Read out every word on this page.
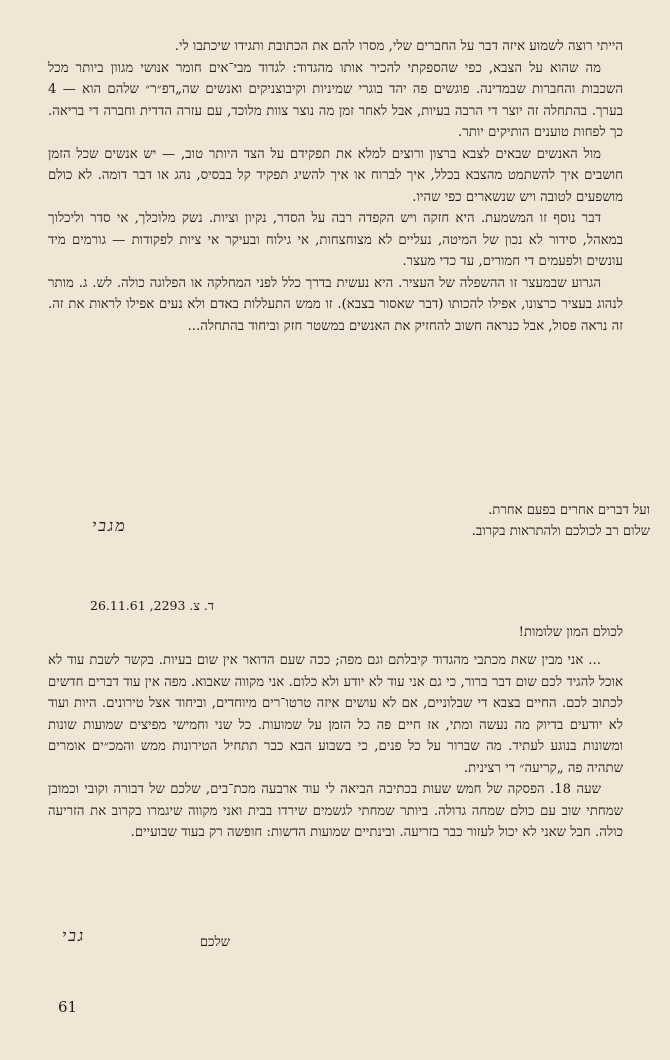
הייתי רוצה לשמוע איזה דבר על החברים שלי, מסרו להם את הכתובת ותגידו שיכתבו לי.

מה שהוא על הצבא, כפי שהספקתי להכיר אותו מהגדוד: לגדוד מבי־אים חומר אנושי מגוון ביותר מכל השכבות והחברות שבמדינה. פוגשים פה יהד בוגרי שמיניות וקיבוצניקים ואנשים שה„דפ״ר״ שלהם הוא — 4 בערך. בהתחלה זה יוצר די הרבה בעיות, אבל לאחר זמן מה נוצר צוות מלוכד, עם עזרה הדדית וחברה די בריאה. כך לפחות טוענים הותיקים יותר.

מול האנשים שבאים לצבא ברצון ורוצים למלא את תפקידם על הצד היותר טוב, — יש אנשים שכל הזמן חושבים איך להשתמט מהצבא בכלל, איך לברוח או איך להשיג תפקיד קל בבסיס, נהג או דבר דומה. לא כולם מושפעים לטובה ויש שנשארים כפי שהיו.

דבר נוסף זו המשמעת. היא חזקה ויש הקפדה רבה על הסדר, נקיון וציות. נשק מלוכלך, אי סדר וליכלוך במאהל, סידור לא נכון של המיטה, נעליים לא מצוחצחות, אי גילוח ובעיקר אי ציות לפקודות — גורמים מיד עונשים ולפעמים די חמורים, עד כדי מעצר.

הגרוע שבמעצר זו ההשפלה של העציר. היא נעשית בדרך כלל לפני המחלקה או הפלוגה כולה. לש. ג. מותר לנהוג בעציר כרצונו, אפילו להכותו (דבר שאסור בצבא). זו ממש התעללות באדם ולא נעים אפילו לראות את זה. זה נראה פסול, אבל כנראה חשוב להחזיק את האנשים במשטר חזק וביחוד בהתחלה...

ועל דברים אחרים בפעם אחרת.
שלום רב לכולכם ולהתראות בקרוב.
מגבי
ד. צ. 2293, 26.11.61
לכולם המון שלומות!

... אני מבין שאת מכתבי מהגדוד קיבלתם וגם מפה; ככה שעם הדואר אין שום בעיות. בקשר לשבת עוד לא אוכל להגיד לכם שום דבר ברור, כי גם אני עוד לא יודע ולא כלום. אני מקווה שאבוא. מפה אין עוד דברים חדשים לכתוב לכם. החיים בצבא די שבלוניים, אם לא עושים איזה טרטו־רים מיוחדים, וביחוד אצל טירונים. היות ועוד לא יודעים בדיוק מה נעשה ומתי, אז חיים פה כל הזמן על שמועות. כל שני וחמישי מפיצים שמועות שונות ומשונות בנוגע לעתיד. מה שברור על כל פנים, כי בשבוע הבא כבר תתחיל הטירונות ממש והמכ״ים אומרים שתהיה פה „קריעה״ די רצינית.

שעה 18. הפסקה של חמש שעות בכתיבה הביאה לי עוד ארבעה מכת־בים, שלכם של דבורה וקובי וכמובן שמחתי שוב עם כולם שמחה גדולה. ביותר שמחתי לגשמים שירדו בבית ואני מקווה שיגמרו בקרוב את הזריעה כולה. חבל שאני לא יכול לעזור כבר בזריעה. ובינתיים שמועות הדשות: חופשה רק בעוד שבועיים.

שלכם
גבי
61
